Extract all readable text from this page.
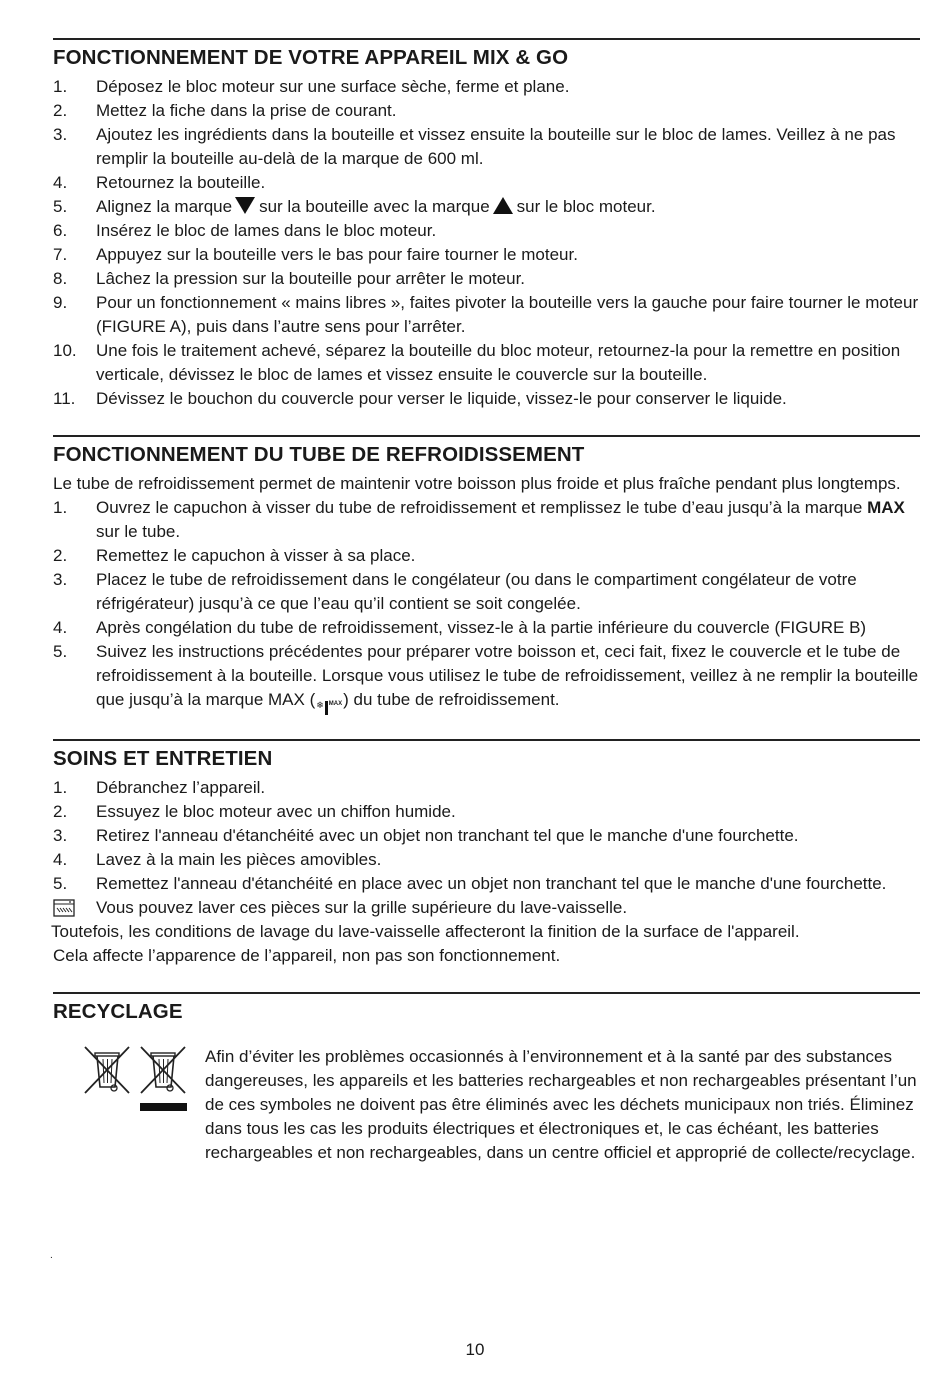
FONCTIONNEMENT DE VOTRE APPAREIL MIX & GO
1. Déposez le bloc moteur sur une surface sèche, ferme et plane.
2. Mettez la fiche dans la prise de courant.
3. Ajoutez les ingrédients dans la bouteille et vissez ensuite la bouteille sur le bloc de lames. Veillez à ne pas remplir la bouteille au-delà de la marque de 600 ml.
4. Retournez la bouteille.
5. Alignez la marque sur la bouteille avec la marque sur le bloc moteur.
6. Insérez le bloc de lames dans le bloc moteur.
7. Appuyez sur la bouteille vers le bas pour faire tourner le moteur.
8. Lâchez la pression sur la bouteille pour arrêter le moteur.
9. Pour un fonctionnement « mains libres », faites pivoter la bouteille vers la gauche pour faire tourner le moteur (FIGURE A), puis dans l’autre sens pour l’arrêter.
10. Une fois le traitement achevé, séparez la bouteille du bloc moteur, retournez-la pour la remettre en position verticale, dévissez le bloc de lames et vissez ensuite le couvercle sur la bouteille.
11. Dévissez le bouchon du couvercle pour verser le liquide, vissez-le pour conserver le liquide.
FONCTIONNEMENT DU TUBE DE REFROIDISSEMENT

Le tube de refroidissement permet de maintenir votre boisson plus froide et plus fraîche pendant plus longtemps.

1. Ouvrez le capuchon à visser du tube de refroidissement et remplissez le tube d’eau jusqu’à la marque MAX sur le tube.
2. Remettez le capuchon à visser à sa place.
3. Placez le tube de refroidissement dans le congélateur (ou dans le compartiment congélateur de votre réfrigérateur) jusqu’à ce que l’eau qu’il contient se soit congelée.
4. Après congélation du tube de refroidissement, vissez-le à la partie inférieure du couvercle (FIGURE B)
5. Suivez les instructions précédentes pour préparer votre boisson et, ceci fait, fixez le couvercle et le tube de refroidissement à la bouteille. Lorsque vous utilisez le tube de refroidissement, veillez à ne remplir la bouteille que jusqu’à la marque MAX ( ❄ MAX ) du tube de refroidissement.
SOINS ET ENTRETIEN
1. Débranchez l’appareil.
2. Essuyez le bloc moteur avec un chiffon humide.
3. Retirez l'anneau d'étanchéité avec un objet non tranchant tel que le manche d'une fourchette.
4. Lavez à la main les pièces amovibles.
5. Remettez l'anneau d'étanchéité en place avec un objet non tranchant tel que le manche d'une fourchette.
Vous pouvez laver ces pièces sur la grille supérieure du lave-vaisselle.

Toutefois, les conditions de lavage du lave-vaisselle affecteront la finition de la surface de l'appareil.

Cela affecte l’apparence de l’appareil, non pas son fonctionnement.

RECYCLAGE
Afin d’éviter les problèmes occasionnés à l’environnement et à la santé par des substances dangereuses, les appareils et les batteries rechargeables et non rechargeables présentant l’un de ces symboles ne doivent pas être éliminés avec les déchets municipaux non triés. Éliminez dans tous les cas les produits électriques et électroniques et, le cas échéant, les batteries rechargeables et non rechargeables, dans un centre officiel et approprié de collecte/recyclage.
.
10
